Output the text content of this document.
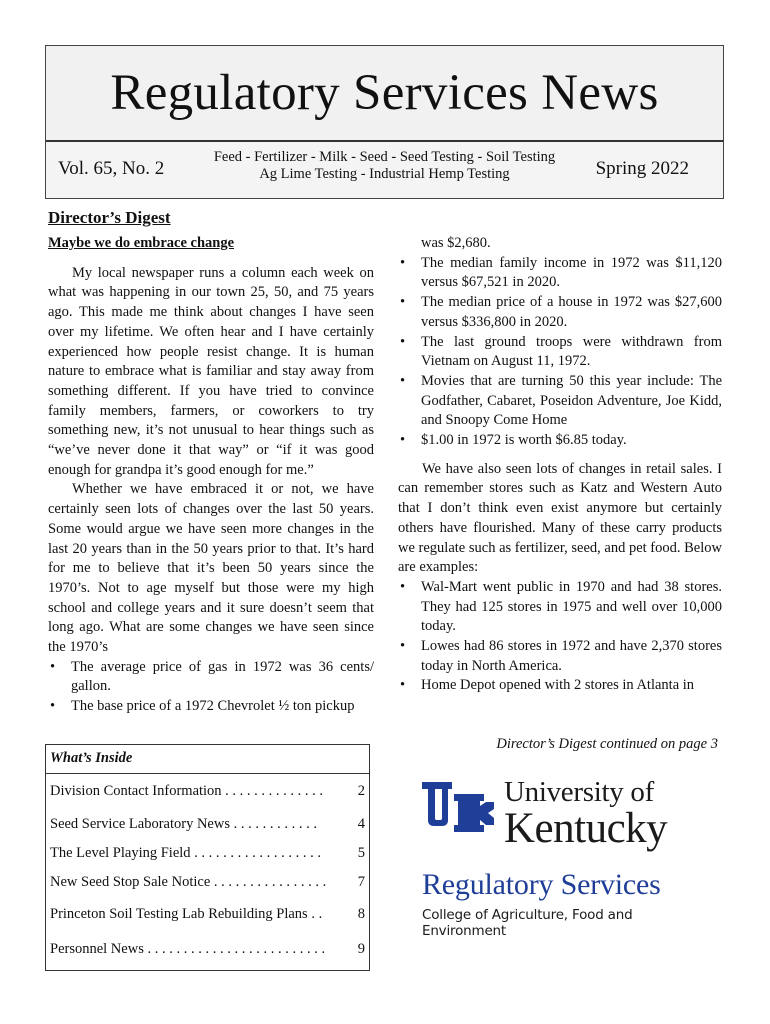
Regulatory Services News
Vol. 65, No. 2
Feed - Fertilizer - Milk - Seed - Seed Testing - Soil Testing
Ag Lime Testing - Industrial Hemp Testing	Spring 2022
Director’s Digest
Maybe we do embrace change

My local newspaper runs a column each week on what was happening in our town 25, 50, and 75 years ago. This made me think about changes I have seen over my lifetime. We often hear and I have certainly experienced how people resist change. It is human nature to embrace what is familiar and stay away from something different. If you have tried to convince family members, farmers, or coworkers to try something new, it’s not unusual to hear things such as “we’ve never done it that way” or “if it was good enough for grandpa it’s good enough for me.”

Whether we have embraced it or not, we have certainly seen lots of changes over the last 50 years. Some would argue we have seen more changes in the last 20 years than in the 50 years prior to that. It’s hard for me to believe that it’s been 50 years since the 1970’s. Not to age myself but those were my high school and college years and it sure doesn’t seem that long ago. What are some changes we have seen since the 1970’s

• The average price of gas in 1972 was 36 cents/ gallon.
• The base price of a 1972 Chevrolet ½ ton pickup
was $2,680.
• The median family income in 1972 was $11,120 versus $67,521 in 2020.
• The median price of a house in 1972 was $27,600 versus $336,800 in 2020.
• The last ground troops were withdrawn from Vietnam on August 11, 1972.
• Movies that are turning 50 this year include: The Godfather, Cabaret, Poseidon Adventure, Joe Kidd, and Snoopy Come Home
• $1.00 in 1972 is worth $6.85 today.

We have also seen lots of changes in retail sales. I can remember stores such as Katz and Western Auto that I don’t think even exist anymore but certainly others have flourished. Many of these carry products we regulate such as fertilizer, seed, and pet food. Below are examples:

• Wal-Mart went public in 1970 and had 38 stores. They had 125 stores in 1975 and well over 10,000 today.
• Lowes had 86 stores in 1972 and have 2,370 stores today in North America.
• Home Depot opened with 2 stores in Atlanta in
Director’s Digest continued on page 3
What’s Inside
Division Contact Information . . . . . . . . . . . . . . 2
Seed Service Laboratory News . . . . . . . . . . . .	4
The Level Playing Field . . . . . . . . . . . . . . . . . .	5
New Seed Stop Sale Notice . . . . . . . . . . . . . . . . 7
Princeton Soil Testing Lab Rebuilding Plans . . 8
Personnel News . . . . . . . . . . . . . . . . . . . . . . . . . 9
University of
Kentucky
Regulatory Services
College of Agriculture, Food and Environment
